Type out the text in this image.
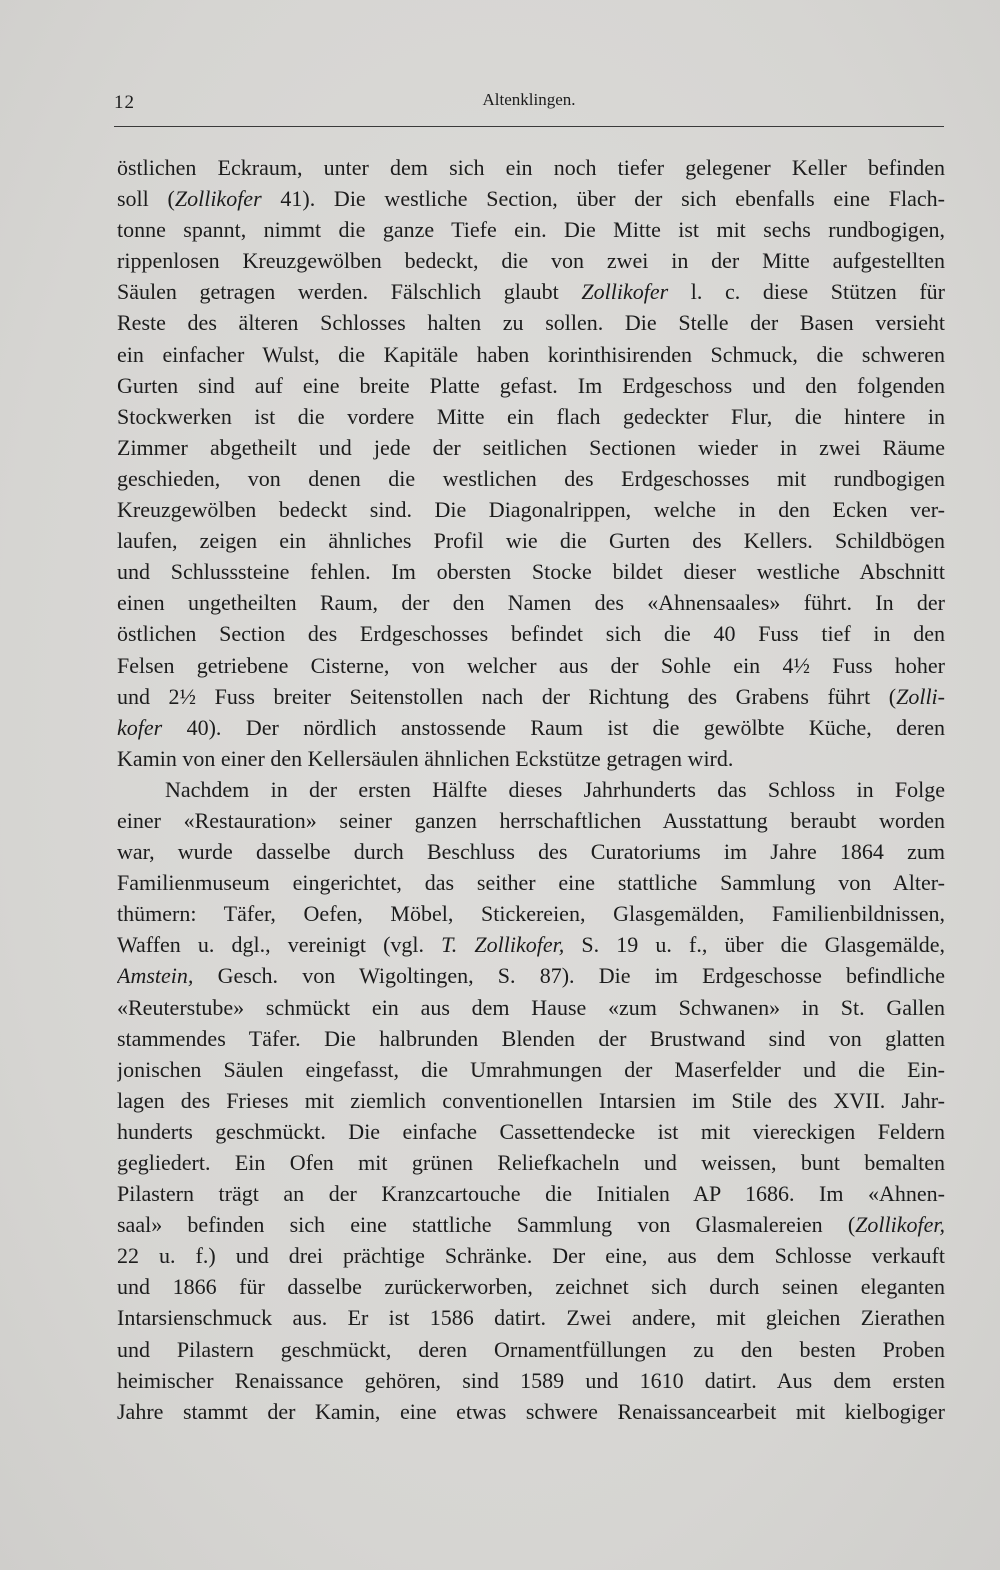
12	Altenklingen.
östlichen Eckraum, unter dem sich ein noch tiefer gelegener Keller befinden
soll (Zollikofer 41). Die westliche Section, über der sich ebenfalls eine Flach-
tonne spannt, nimmt die ganze Tiefe ein. Die Mitte ist mit sechs rundbogigen,
rippenlosen Kreuzgewölben bedeckt, die von zwei in der Mitte aufgestellten
Säulen getragen werden. Fälschlich glaubt Zollikofer l. c. diese Stützen für
Reste des älteren Schlosses halten zu sollen. Die Stelle der Basen versieht
ein einfacher Wulst, die Kapitäle haben korinthisirenden Schmuck, die schweren
Gurten sind auf eine breite Platte gefast. Im Erdgeschoss und den folgenden
Stockwerken ist die vordere Mitte ein flach gedeckter Flur, die hintere in
Zimmer abgetheilt und jede der seitlichen Sectionen wieder in zwei Räume
geschieden, von denen die westlichen des Erdgeschosses mit rundbogigen
Kreuzgewölben bedeckt sind. Die Diagonalrippen, welche in den Ecken ver-
laufen, zeigen ein ähnliches Profil wie die Gurten des Kellers. Schildbögen
und Schlusssteine fehlen. Im obersten Stocke bildet dieser westliche Abschnitt
einen ungetheilten Raum, der den Namen des «Ahnensaales» führt. In der
östlichen Section des Erdgeschosses befindet sich die 40 Fuss tief in den
Felsen getriebene Cisterne, von welcher aus der Sohle ein 4½ Fuss hoher
und 2½ Fuss breiter Seitenstollen nach der Richtung des Grabens führt (Zolli-
kofer 40). Der nördlich anstossende Raum ist die gewölbte Küche, deren
Kamin von einer den Kellersäulen ähnlichen Eckstütze getragen wird.
Nachdem in der ersten Hälfte dieses Jahrhunderts das Schloss in Folge
einer «Restauration» seiner ganzen herrschaftlichen Ausstattung beraubt worden
war, wurde dasselbe durch Beschluss des Curatoriums im Jahre 1864 zum
Familienmuseum eingerichtet, das seither eine stattliche Sammlung von Alter-
thümern: Täfer, Oefen, Möbel, Stickereien, Glasgemälden, Familienbildnissen,
Waffen u. dgl., vereinigt (vgl. T. Zollikofer, S. 19 u. f., über die Glasgemälde,
Amstein, Gesch. von Wigoltingen, S. 87). Die im Erdgeschosse befindliche
«Reuterstube» schmückt ein aus dem Hause «zum Schwanen» in St. Gallen
stammendes Täfer. Die halbrunden Blenden der Brustwand sind von glatten
jonischen Säulen eingefasst, die Umrahmungen der Maserfelder und die Ein-
lagen des Frieses mit ziemlich conventionellen Intarsien im Stile des XVII. Jahr-
hunderts geschmückt. Die einfache Cassettendecke ist mit viereckigen Feldern
gegliedert. Ein Ofen mit grünen Reliefkacheln und weissen, bunt bemalten
Pilastern trägt an der Kranzcartouche die Initialen AP 1686. Im «Ahnen-
saal» befinden sich eine stattliche Sammlung von Glasmalereien (Zollikofer,
22 u. f.) und drei prächtige Schränke. Der eine, aus dem Schlosse verkauft
und 1866 für dasselbe zurückerworben, zeichnet sich durch seinen eleganten
Intarsienschmuck aus. Er ist 1586 datirt. Zwei andere, mit gleichen Zierathen
und Pilastern geschmückt, deren Ornamentfüllungen zu den besten Proben
heimischer Renaissance gehören, sind 1589 und 1610 datirt. Aus dem ersten
Jahre stammt der Kamin, eine etwas schwere Renaissancearbeit mit kielbogiger
